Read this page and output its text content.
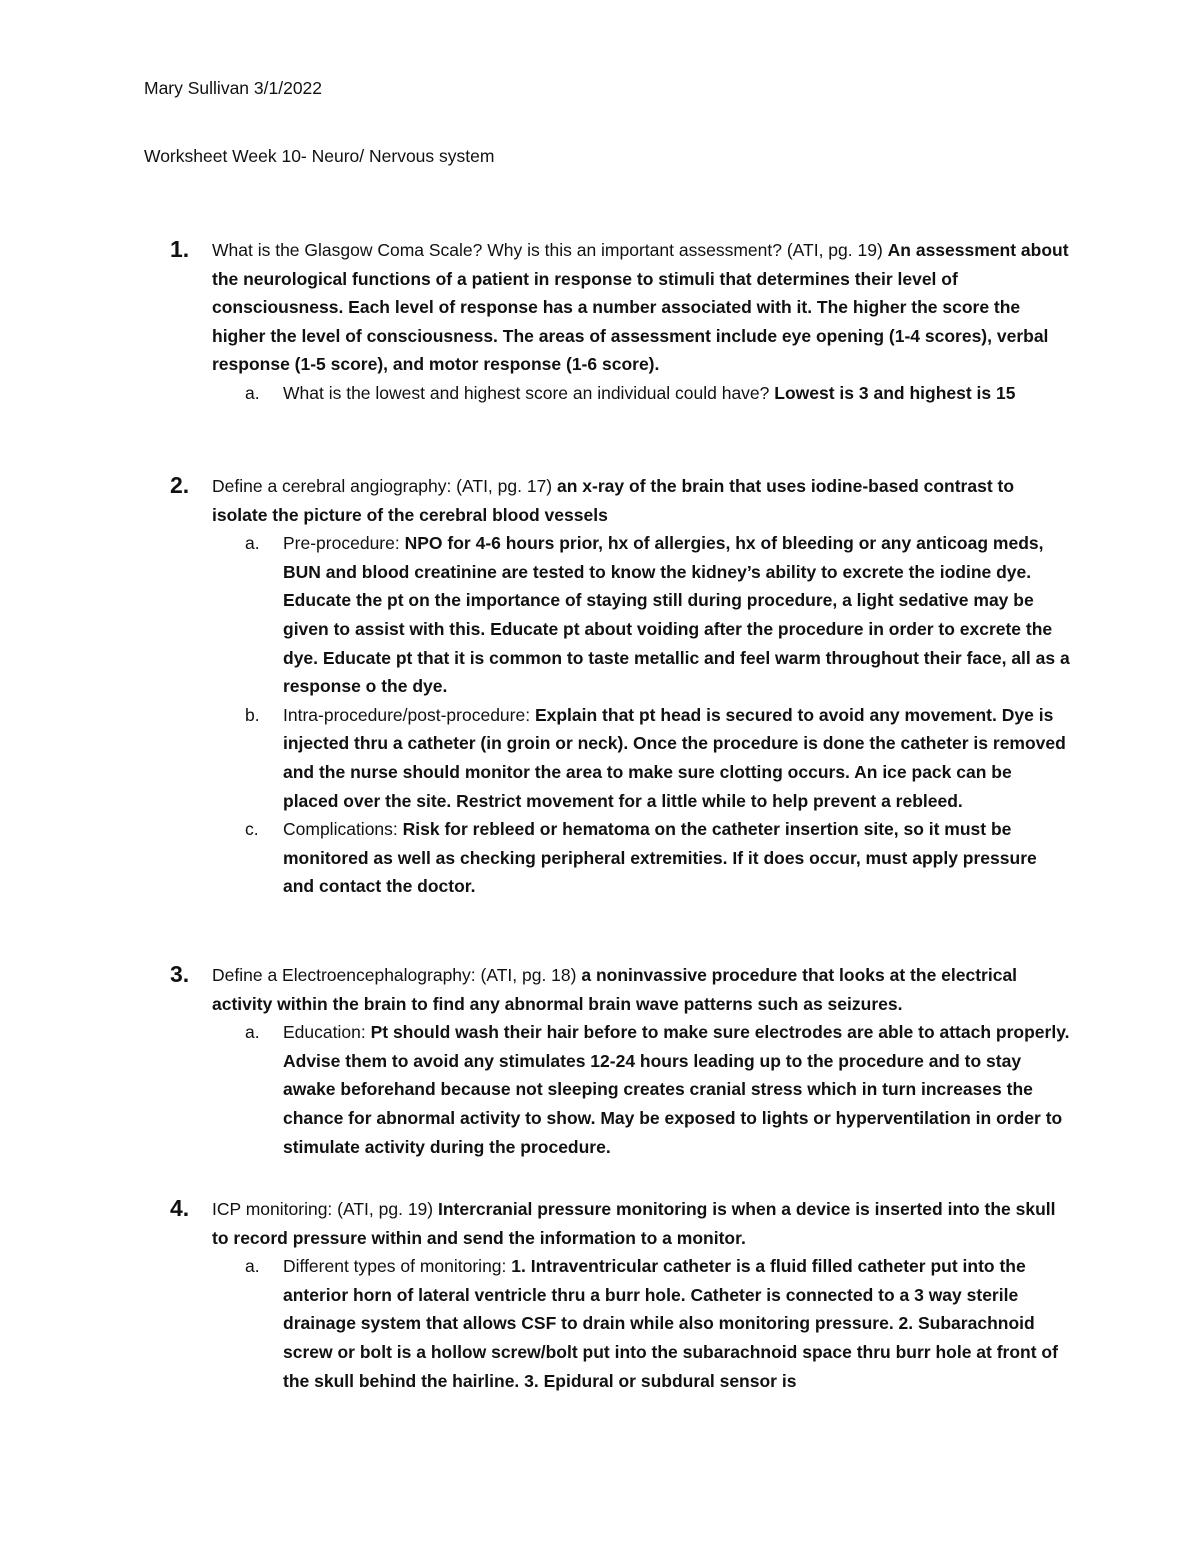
Mary Sullivan 3/1/2022
Worksheet Week 10- Neuro/ Nervous system
1. What is the Glasgow Coma Scale? Why is this an important assessment? (ATI, pg. 19) An assessment about the neurological functions of a patient in response to stimuli that determines their level of consciousness. Each level of response has a number associated with it. The higher the score the higher the level of consciousness. The areas of assessment include eye opening (1-4 scores), verbal response (1-5 score), and motor response (1-6 score).
a. What is the lowest and highest score an individual could have? Lowest is 3 and highest is 15
2. Define a cerebral angiography: (ATI, pg. 17) an x-ray of the brain that uses iodine-based contrast to isolate the picture of the cerebral blood vessels
a. Pre-procedure: NPO for 4-6 hours prior, hx of allergies, hx of bleeding or any anticoag meds, BUN and blood creatinine are tested to know the kidney’s ability to excrete the iodine dye. Educate the pt on the importance of staying still during procedure, a light sedative may be given to assist with this. Educate pt about voiding after the procedure in order to excrete the dye. Educate pt that it is common to taste metallic and feel warm throughout their face, all as a response o the dye.
b. Intra-procedure/post-procedure: Explain that pt head is secured to avoid any movement. Dye is injected thru a catheter (in groin or neck). Once the procedure is done the catheter is removed and the nurse should monitor the area to make sure clotting occurs. An ice pack can be placed over the site. Restrict movement for a little while to help prevent a rebleed.
c. Complications: Risk for rebleed or hematoma on the catheter insertion site, so it must be monitored as well as checking peripheral extremities. If it does occur, must apply pressure and contact the doctor.
3. Define a Electroencephalography: (ATI, pg. 18) a noninvassive procedure that looks at the electrical activity within the brain to find any abnormal brain wave patterns such as seizures.
a. Education: Pt should wash their hair before to make sure electrodes are able to attach properly. Advise them to avoid any stimulates 12-24 hours leading up to the procedure and to stay awake beforehand because not sleeping creates cranial stress which in turn increases the chance for abnormal activity to show. May be exposed to lights or hyperventilation in order to stimulate activity during the procedure.
4. ICP monitoring: (ATI, pg. 19) Intercranial pressure monitoring is when a device is inserted into the skull to record pressure within and send the information to a monitor.
a. Different types of monitoring: 1. Intraventricular catheter is a fluid filled catheter put into the anterior horn of lateral ventricle thru a burr hole. Catheter is connected to a 3 way sterile drainage system that allows CSF to drain while also monitoring pressure. 2. Subarachnoid screw or bolt is a hollow screw/bolt put into the subarachnoid space thru burr hole at front of the skull behind the hairline. 3. Epidural or subdural sensor is
